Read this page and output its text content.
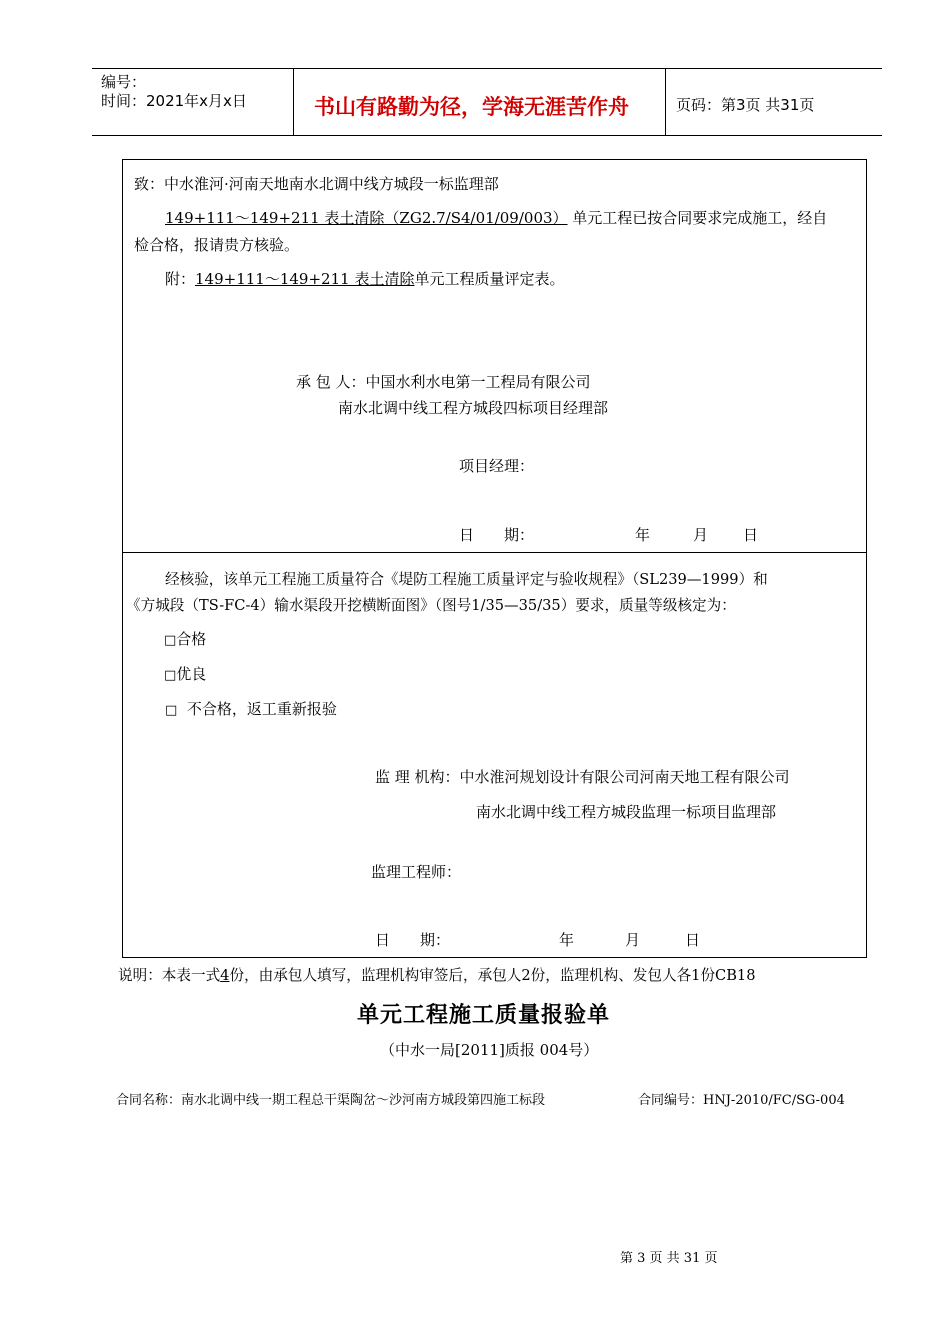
编号：
时间：2021年x月x日	书山有路勤为径，学海无涯苦作舟	页码：第3页 共31页
致：中水淮河·河南天地南水北调中线方城段一标监理部
149+111～149+211 表土清除（ZG2.7/S4/01/09/003） 单元工程已按合同要求完成施工，经自
检合格，报请贵方核验。
附：149+111～149+211 表土清除单元工程质量评定表。
承 包 人：中国水利水电第一工程局有限公司
南水北调中线工程方城段四标项目经理部
项目经理：
日　　期：	年	月 日
经核验，该单元工程施工质量符合《堤防工程施工质量评定与验收规程》（SL239—1999）和
《方城段（TS-FC-4）输水渠段开挖横断面图》（图号1/35—35/35）要求，质量等级核定为：
□合格
□优良
□ 不合格，返工重新报验
监 理 机构：中水淮河规划设计有限公司河南天地工程有限公司
南水北调中线工程方城段监理一标项目监理部
监理工程师：
日　　期：	年	月	日
说明：本表一式4份，由承包人填写，监理机构审签后，承包人2份，监理机构、发包人各1份CB18
单元工程施工质量报验单
（中水一局[2011]质报 004号）
合同名称：南水北调中线一期工程总干渠陶岔～沙河南方城段第四施工标段	合同编号：HNJ-2010/FC/SG-004
第 3 页 共 31 页
